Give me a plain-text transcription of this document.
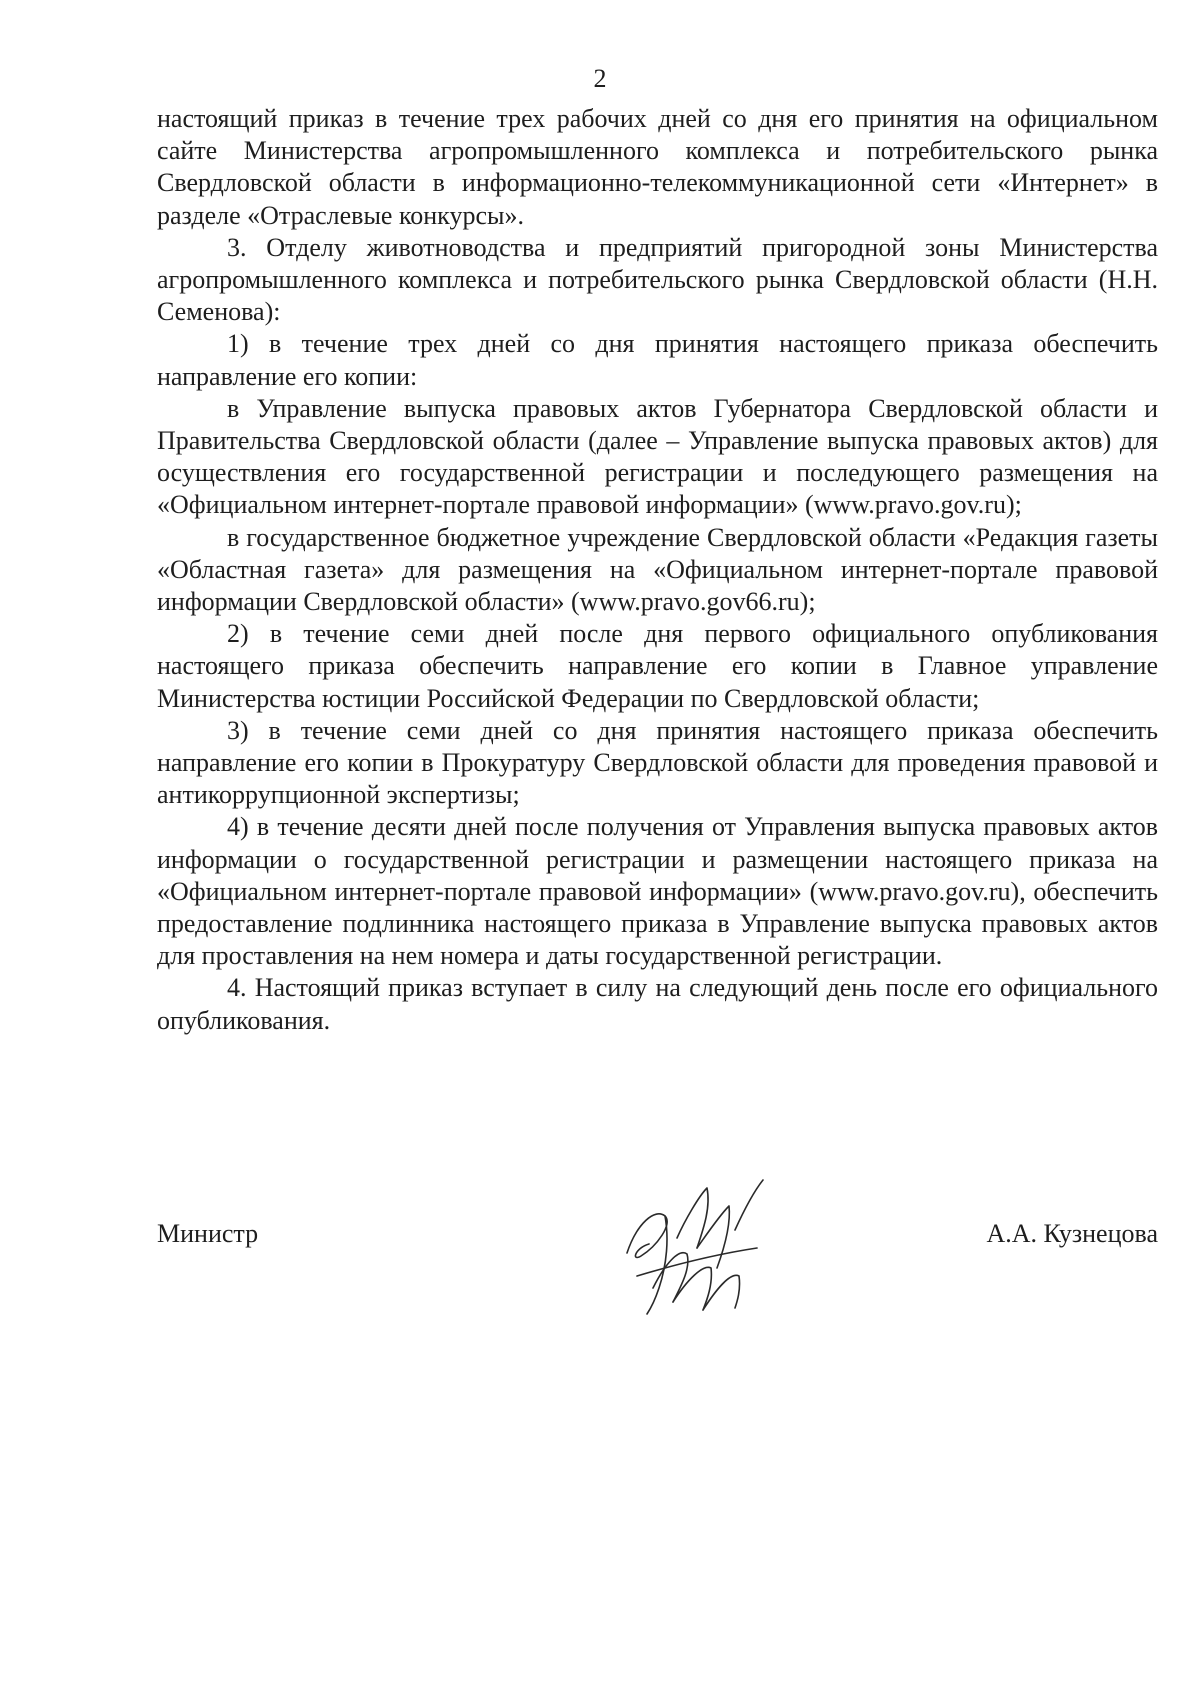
2

настоящий приказ в течение трех рабочих дней со дня его принятия на официальном сайте Министерства агропромышленного комплекса и потребительского рынка Свердловской области в информационно-телекоммуникационной сети «Интернет» в разделе «Отраслевые конкурсы».

3. Отделу животноводства и предприятий пригородной зоны Министерства агропромышленного комплекса и потребительского рынка Свердловской области (Н.Н. Семенова):

1) в течение трех дней со дня принятия настоящего приказа обеспечить направление его копии:

в Управление выпуска правовых актов Губернатора Свердловской области и Правительства Свердловской области (далее – Управление выпуска правовых актов) для осуществления его государственной регистрации и последующего размещения на «Официальном интернет-портале правовой информации» (www.pravo.gov.ru);

в государственное бюджетное учреждение Свердловской области «Редакция газеты «Областная газета» для размещения на «Официальном интернет-портале правовой информации Свердловской области» (www.pravo.gov66.ru);

2) в течение семи дней после дня первого официального опубликования настоящего приказа обеспечить направление его копии в Главное управление Министерства юстиции Российской Федерации по Свердловской области;

3) в течение семи дней со дня принятия настоящего приказа обеспечить направление его копии в Прокуратуру Свердловской области для проведения правовой и антикоррупционной экспертизы;

4) в течение десяти дней после получения от Управления выпуска правовых актов информации о государственной регистрации и размещении настоящего приказа на «Официальном интернет-портале правовой информации» (www.pravo.gov.ru), обеспечить предоставление подлинника настоящего приказа в Управление выпуска правовых актов для проставления на нем номера и даты государственной регистрации.

4. Настоящий приказ вступает в силу на следующий день после его официального опубликования.

Министр	А.А. Кузнецова
